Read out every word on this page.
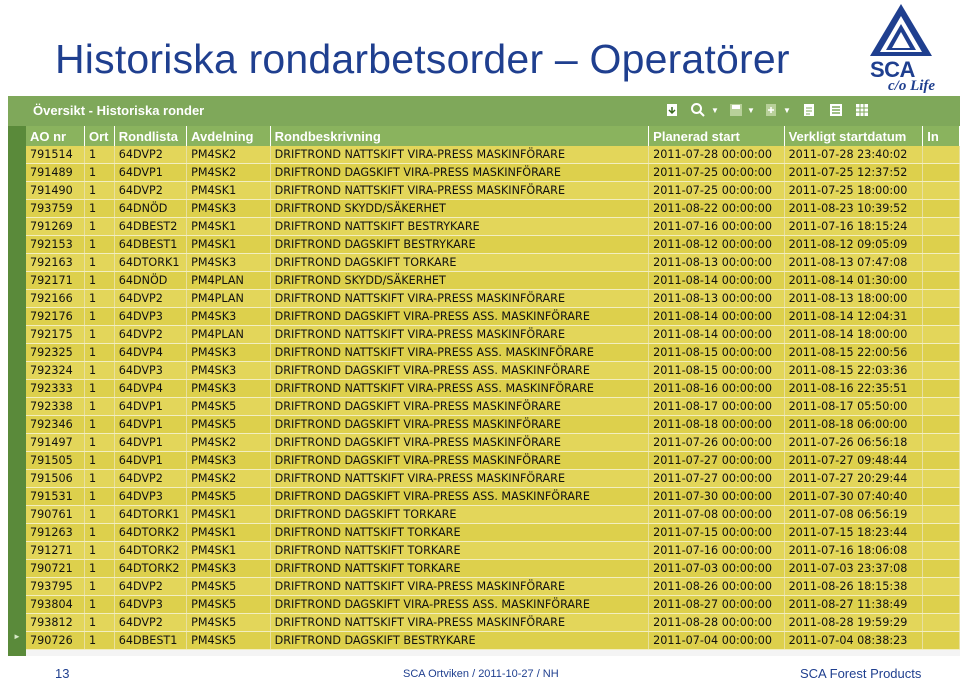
Historiska rondarbetsorder – Operatörer	SCA
c/o Life
Översikt - Historiska ronder	▼	▼	▼
►
AO nr	Ort	Rondlista	Avdelning	Rondbeskrivning	Planerad start	Verkligt startdatum	In
791514	1	64DVP2	PM4SK2	DRIFTROND NATTSKIFT VIRA-PRESS MASKINFÖRARE	2011-07-28 00:00:00	2011-07-28 23:40:02	
791489	1	64DVP1	PM4SK2	DRIFTROND DAGSKIFT VIRA-PRESS MASKINFÖRARE	2011-07-25 00:00:00	2011-07-25 12:37:52	
791490	1	64DVP2	PM4SK1	DRIFTROND NATTSKIFT VIRA-PRESS MASKINFÖRARE	2011-07-25 00:00:00	2011-07-25 18:00:00	
793759	1	64DNÖD	PM4SK3	DRIFTROND SKYDD/SÄKERHET	2011-08-22 00:00:00	2011-08-23 10:39:52	
791269	1	64DBEST2	PM4SK1	DRIFTROND NATTSKIFT BESTRYKARE	2011-07-16 00:00:00	2011-07-16 18:15:24	
792153	1	64DBEST1	PM4SK1	DRIFTROND DAGSKIFT BESTRYKARE	2011-08-12 00:00:00	2011-08-12 09:05:09	
792163	1	64DTORK1	PM4SK3	DRIFTROND DAGSKIFT TORKARE	2011-08-13 00:00:00	2011-08-13 07:47:08	
792171	1	64DNÖD	PM4PLAN	DRIFTROND SKYDD/SÄKERHET	2011-08-14 00:00:00	2011-08-14 01:30:00	
792166	1	64DVP2	PM4PLAN	DRIFTROND NATTSKIFT VIRA-PRESS MASKINFÖRARE	2011-08-13 00:00:00	2011-08-13 18:00:00	
792176	1	64DVP3	PM4SK3	DRIFTROND DAGSKIFT VIRA-PRESS ASS. MASKINFÖRARE	2011-08-14 00:00:00	2011-08-14 12:04:31	
792175	1	64DVP2	PM4PLAN	DRIFTROND NATTSKIFT VIRA-PRESS MASKINFÖRARE	2011-08-14 00:00:00	2011-08-14 18:00:00	
792325	1	64DVP4	PM4SK3	DRIFTROND NATTSKIFT VIRA-PRESS ASS. MASKINFÖRARE	2011-08-15 00:00:00	2011-08-15 22:00:56	
792324	1	64DVP3	PM4SK3	DRIFTROND DAGSKIFT VIRA-PRESS ASS. MASKINFÖRARE	2011-08-15 00:00:00	2011-08-15 22:03:36	
792333	1	64DVP4	PM4SK3	DRIFTROND NATTSKIFT VIRA-PRESS ASS. MASKINFÖRARE	2011-08-16 00:00:00	2011-08-16 22:35:51	
792338	1	64DVP1	PM4SK5	DRIFTROND DAGSKIFT VIRA-PRESS MASKINFÖRARE	2011-08-17 00:00:00	2011-08-17 05:50:00	
792346	1	64DVP1	PM4SK5	DRIFTROND DAGSKIFT VIRA-PRESS MASKINFÖRARE	2011-08-18 00:00:00	2011-08-18 06:00:00	
791497	1	64DVP1	PM4SK2	DRIFTROND DAGSKIFT VIRA-PRESS MASKINFÖRARE	2011-07-26 00:00:00	2011-07-26 06:56:18	
791505	1	64DVP1	PM4SK3	DRIFTROND DAGSKIFT VIRA-PRESS MASKINFÖRARE	2011-07-27 00:00:00	2011-07-27 09:48:44	
791506	1	64DVP2	PM4SK2	DRIFTROND NATTSKIFT VIRA-PRESS MASKINFÖRARE	2011-07-27 00:00:00	2011-07-27 20:29:44	
791531	1	64DVP3	PM4SK5	DRIFTROND DAGSKIFT VIRA-PRESS ASS. MASKINFÖRARE	2011-07-30 00:00:00	2011-07-30 07:40:40	
790761	1	64DTORK1	PM4SK1	DRIFTROND DAGSKIFT TORKARE	2011-07-08 00:00:00	2011-07-08 06:56:19	
791263	1	64DTORK2	PM4SK1	DRIFTROND NATTSKIFT TORKARE	2011-07-15 00:00:00	2011-07-15 18:23:44	
791271	1	64DTORK2	PM4SK1	DRIFTROND NATTSKIFT TORKARE	2011-07-16 00:00:00	2011-07-16 18:06:08	
790721	1	64DTORK2	PM4SK3	DRIFTROND NATTSKIFT TORKARE	2011-07-03 00:00:00	2011-07-03 23:37:08	
793795	1	64DVP2	PM4SK5	DRIFTROND NATTSKIFT VIRA-PRESS MASKINFÖRARE	2011-08-26 00:00:00	2011-08-26 18:15:38	
793804	1	64DVP3	PM4SK5	DRIFTROND DAGSKIFT VIRA-PRESS ASS. MASKINFÖRARE	2011-08-27 00:00:00	2011-08-27 11:38:49	
793812	1	64DVP2	PM4SK5	DRIFTROND NATTSKIFT VIRA-PRESS MASKINFÖRARE	2011-08-28 00:00:00	2011-08-28 19:59:29	
790726	1	64DBEST1	PM4SK5	DRIFTROND DAGSKIFT BESTRYKARE	2011-07-04 00:00:00	2011-07-04 08:38:23	
13	SCA Ortviken / 2011-10-27 / NH	SCA Forest Products
